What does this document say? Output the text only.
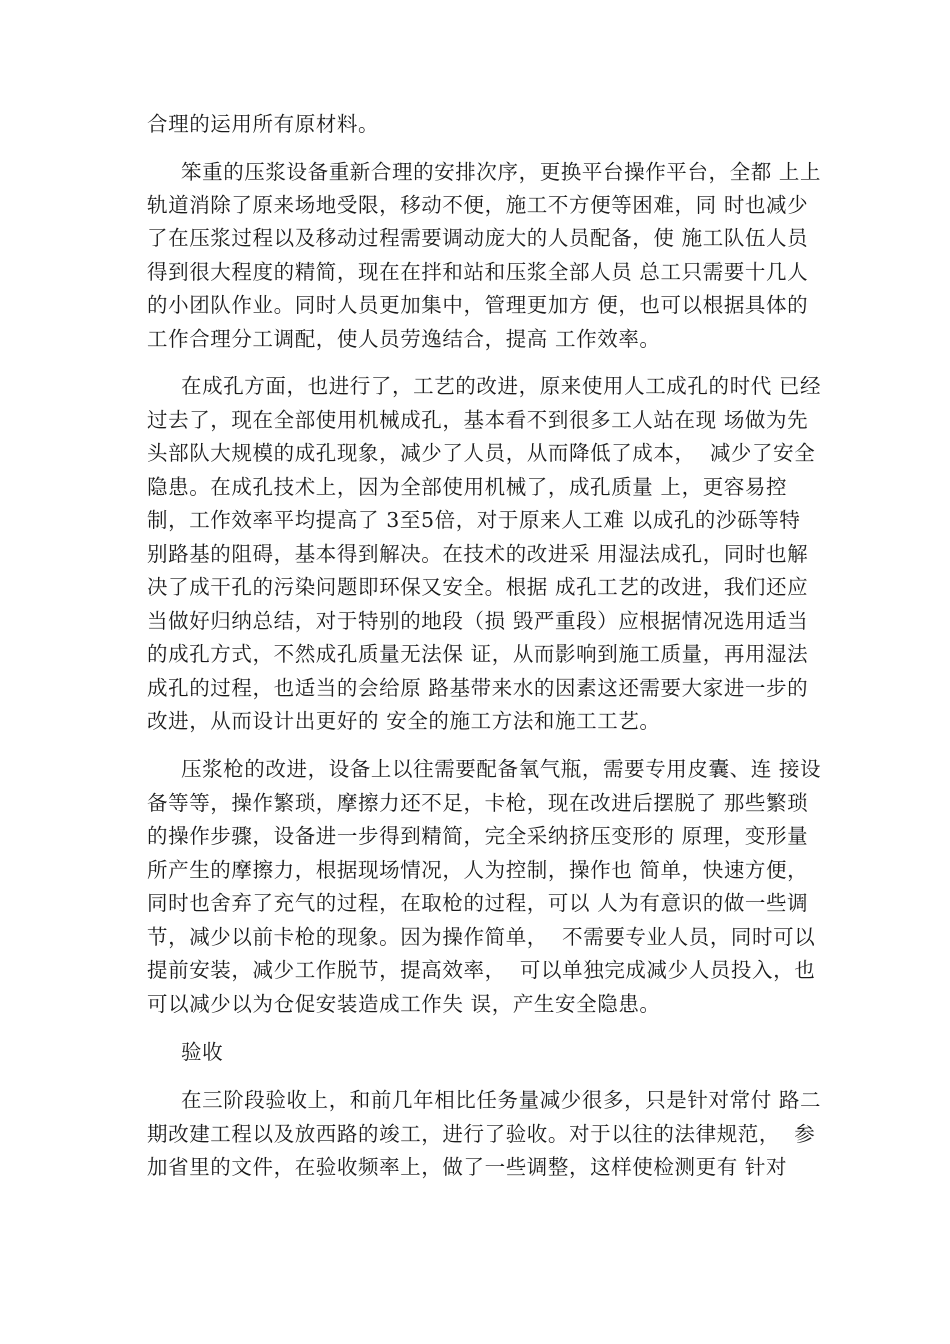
合理的运用所有原材料。
笨重的压浆设备重新合理的安排次序，更换平台操作平台，全都 上上
轨道消除了原来场地受限，移动不便，施工不方便等困难，同 时也减少
了在压浆过程以及移动过程需要调动庞大的人员配备，使 施工队伍人员
得到很大程度的精简，现在在拌和站和压浆全部人员 总工只需要十几人
的小团队作业。同时人员更加集中，管理更加方 便，也可以根据具体的
工作合理分工调配，使人员劳逸结合，提高 工作效率。
在成孔方面，也进行了，工艺的改进，原来使用人工成孔的时代 已经
过去了，现在全部使用机械成孔，基本看不到很多工人站在现 场做为先
头部队大规模的成孔现象，减少了人员，从而降低了成本，  减少了安全
隐患。在成孔技术上，因为全部使用机械了，成孔质量 上，更容易控
制，工作效率平均提高了 3至5倍，对于原来人工难 以成孔的沙砾等特
别路基的阻碍，基本得到解决。在技术的改进采 用湿法成孔，同时也解
决了成干孔的污染问题即环保又安全。根据 成孔工艺的改进，我们还应
当做好归纳总结，对于特别的地段（损 毁严重段）应根据情况选用适当
的成孔方式，不然成孔质量无法保 证，从而影响到施工质量，再用湿法
成孔的过程，也适当的会给原 路基带来水的因素这还需要大家进一步的
改进，从而设计出更好的 安全的施工方法和施工工艺。
压浆枪的改进，设备上以往需要配备氧气瓶，需要专用皮囊、连 接设
备等等，操作繁琐，摩擦力还不足，卡枪，现在改进后摆脱了 那些繁琐
的操作步骤，设备进一步得到精简，完全采纳挤压变形的 原理，变形量
所产生的摩擦力，根据现场情况，人为控制，操作也 简单，快速方便，
同时也舍弃了充气的过程，在取枪的过程，可以 人为有意识的做一些调
节，减少以前卡枪的现象。因为操作简单，  不需要专业人员，同时可以
提前安装，减少工作脱节，提高效率，  可以单独完成减少人员投入，也
可以减少以为仓促安装造成工作失 误，产生安全隐患。
验收
在三阶段验收上，和前几年相比任务量减少很多，只是针对常付 路二
期改建工程以及放西路的竣工，进行了验收。对于以往的法律规范，  参
加省里的文件，在验收频率上，做了一些调整，这样使检测更有 针对
